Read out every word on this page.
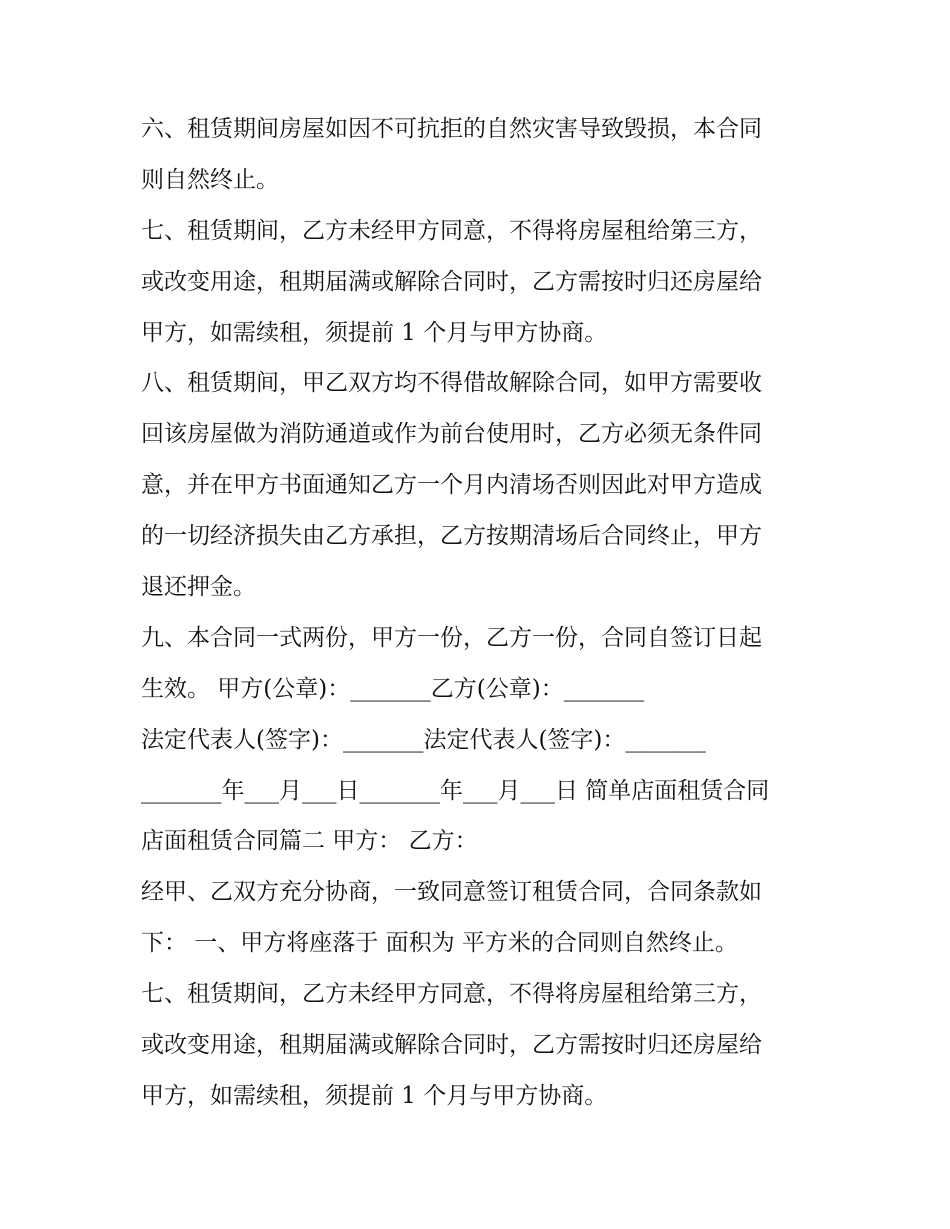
六、租赁期间房屋如因不可抗拒的自然灾害导致毁损，本合同
则自然终止。
七、租赁期间，乙方未经甲方同意，不得将房屋租给第三方，
或改变用途，租期届满或解除合同时，乙方需按时归还房屋给
甲方，如需续租，须提前 1 个月与甲方协商。
八、租赁期间，甲乙双方均不得借故解除合同，如甲方需要收
回该房屋做为消防通道或作为前台使用时，乙方必须无条件同
意，并在甲方书面通知乙方一个月内清场否则因此对甲方造成
的一切经济损失由乙方承担，乙方按期清场后合同终止，甲方
退还押金。
九、本合同一式两份，甲方一份，乙方一份，合同自签订日起
生效。 甲方(公章)：_______乙方(公章)：_______
法定代表人(签字)：_______法定代表人(签字)：_______
_______年___月___日_______年___月___日 简单店面租赁合同
店面租赁合同篇二 甲方： 乙方：
经甲、乙双方充分协商，一致同意签订租赁合同，合同条款如
下： 一、甲方将座落于 面积为 平方米的合同则自然终止。
七、租赁期间，乙方未经甲方同意，不得将房屋租给第三方，
或改变用途，租期届满或解除合同时，乙方需按时归还房屋给
甲方，如需续租，须提前 1 个月与甲方协商。
